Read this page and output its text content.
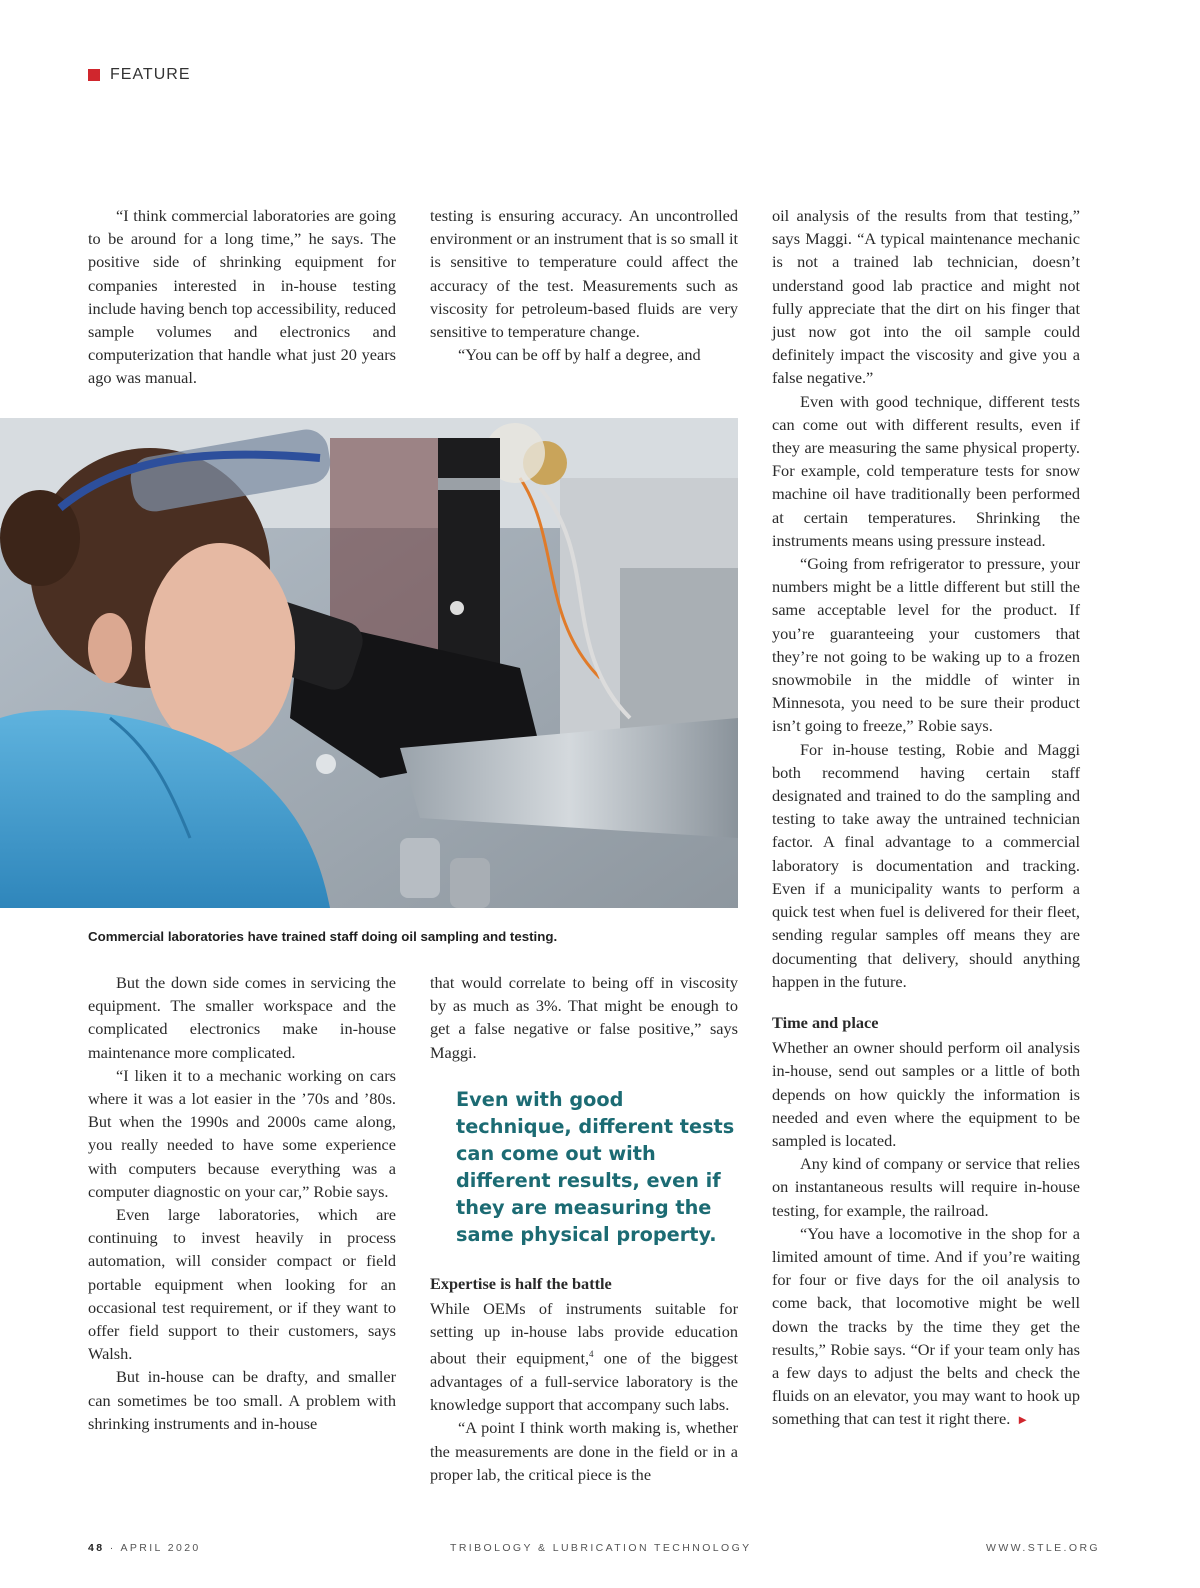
FEATURE

“I think commercial laboratories are going to be around for a long time,” he says. The positive side of shrinking equipment for companies interested in in-house testing include having bench top accessibility, reduced sample volumes and electronics and computerization that handle what just 20 years ago was manual.

testing is ensuring accuracy. An uncontrolled environment or an instrument that is so small it is sensitive to temperature could affect the accuracy of the test. Measurements such as viscosity for petroleum-based fluids are very sensitive to temperature change.

“You can be off by half a degree, and

Commercial laboratories have trained staff doing oil sampling and testing.

But the down side comes in servicing the equipment. The smaller workspace and the complicated electronics make in-house maintenance more complicated.

“I liken it to a mechanic working on cars where it was a lot easier in the ’70s and ’80s. But when the 1990s and 2000s came along, you really needed to have some experience with computers because everything was a computer diagnostic on your car,” Robie says.

Even large laboratories, which are continuing to invest heavily in process automation, will consider compact or field portable equipment when looking for an occasional test requirement, or if they want to offer field support to their customers, says Walsh.

But in-house can be drafty, and smaller can sometimes be too small. A problem with shrinking instruments and in-house

that would correlate to being off in viscosity by as much as 3%. That might be enough to get a false negative or false positive,” says Maggi.

Even with good technique, different tests can come out with different results, even if they are measuring the same physical property.
Expertise is half the battle

While OEMs of instruments suitable for setting up in-house labs provide education about their equipment,$^4$ one of the biggest advantages of a full-service laboratory is the knowledge support that accompany such labs.

“A point I think worth making is, whether the measurements are done in the field or in a proper lab, the critical piece is the

oil analysis of the results from that testing,” says Maggi. “A typical maintenance mechanic is not a trained lab technician, doesn’t understand good lab practice and might not fully appreciate that the dirt on his finger that just now got into the oil sample could definitely impact the viscosity and give you a false negative.”

Even with good technique, different tests can come out with different results, even if they are measuring the same physical property. For example, cold temperature tests for snow machine oil have traditionally been performed at certain temperatures. Shrinking the instruments means using pressure instead.

“Going from refrigerator to pressure, your numbers might be a little different but still the same acceptable level for the product. If you’re guaranteeing your customers that they’re not going to be waking up to a frozen snowmobile in the middle of winter in Minnesota, you need to be sure their product isn’t going to freeze,” Robie says.

For in-house testing, Robie and Maggi both recommend having certain staff designated and trained to do the sampling and testing to take away the untrained technician factor. A final advantage to a commercial laboratory is documentation and tracking. Even if a municipality wants to perform a quick test when fuel is delivered for their fleet, sending regular samples off means they are documenting that delivery, should anything happen in the future.

Time and place

Whether an owner should perform oil analysis in-house, send out samples or a little of both depends on how quickly the information is needed and even where the equipment to be sampled is located.

Any kind of company or service that relies on instantaneous results will require in-house testing, for example, the railroad.

“You have a locomotive in the shop for a limited amount of time. And if you’re waiting for four or five days for the oil analysis to come back, that locomotive might be well down the tracks by the time they get the results,” Robie says. “Or if your team only has a few days to adjust the belts and check the fluids on an elevator, you may want to hook up something that can test it right there. ►

48 · APRIL 2020	TRIBOLOGY & LUBRICATION TECHNOLOGY	WWW.STLE.ORG
